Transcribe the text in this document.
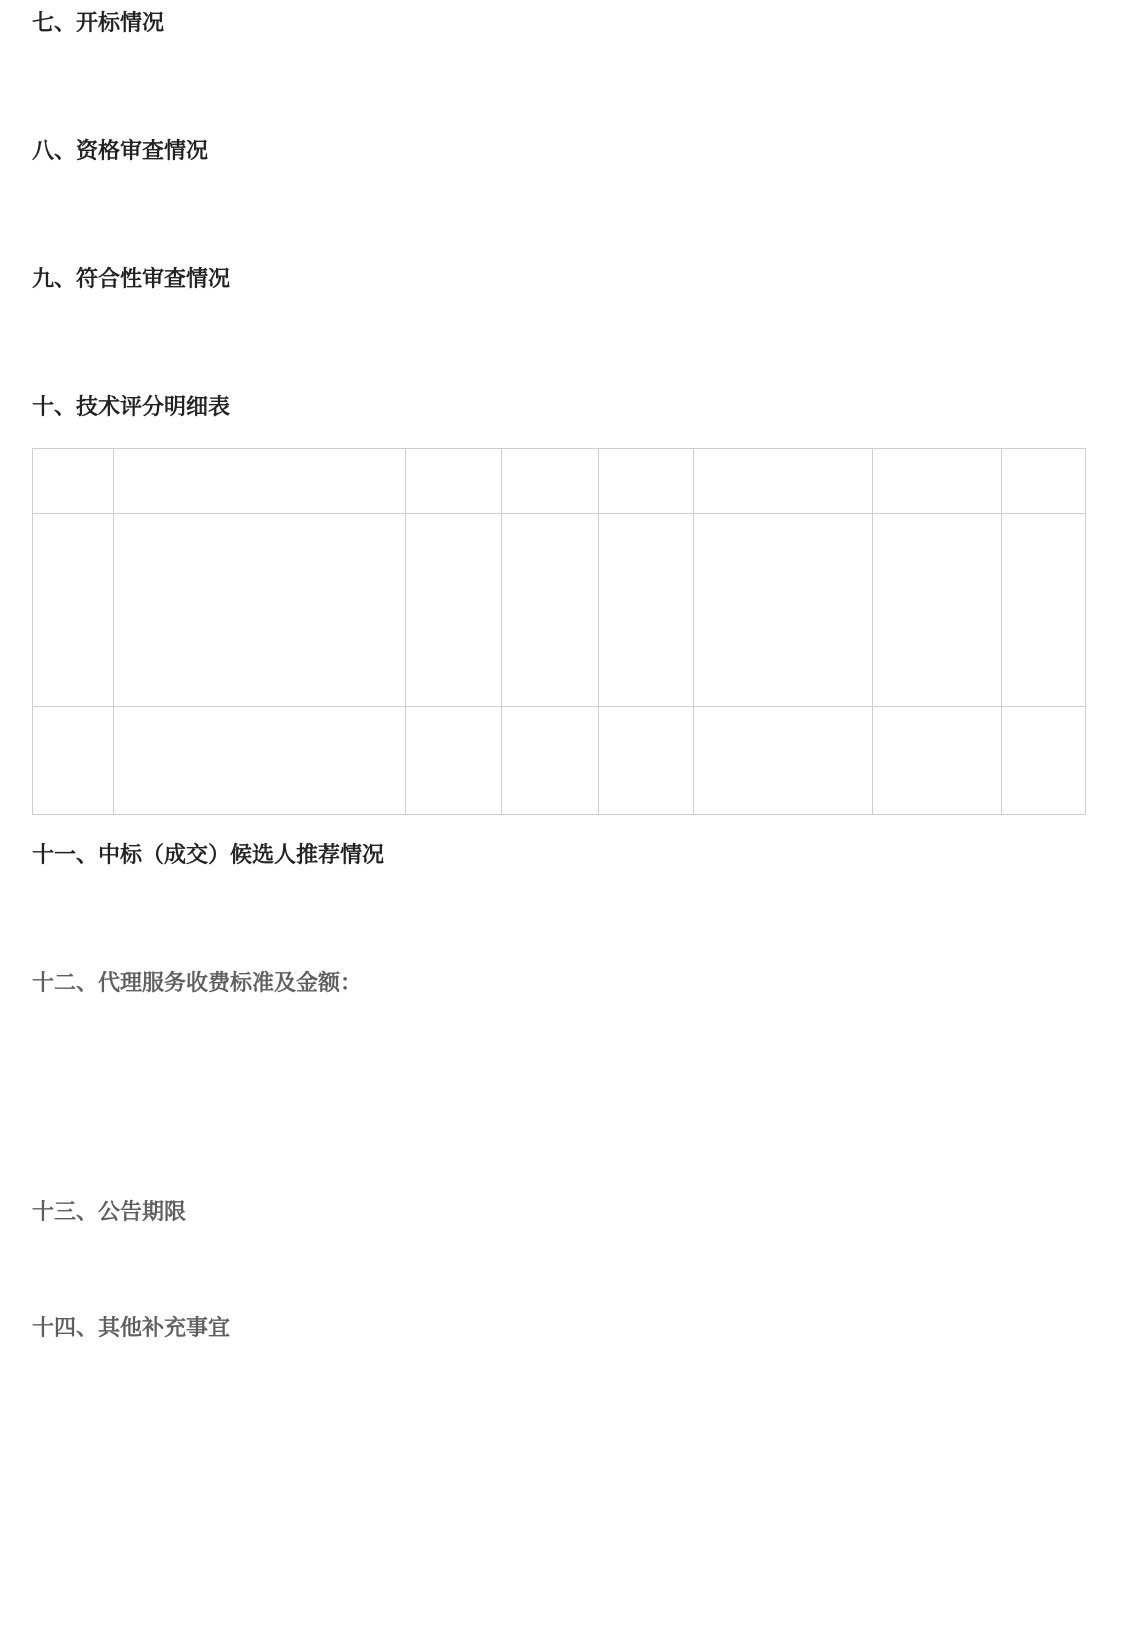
七、开标情况
八、资格审查情况
九、符合性审查情况
十、技术评分明细表

十一、中标（成交）候选人推荐情况
十二、代理服务收费标准及金额：
十三、公告期限
十四、其他补充事宜
